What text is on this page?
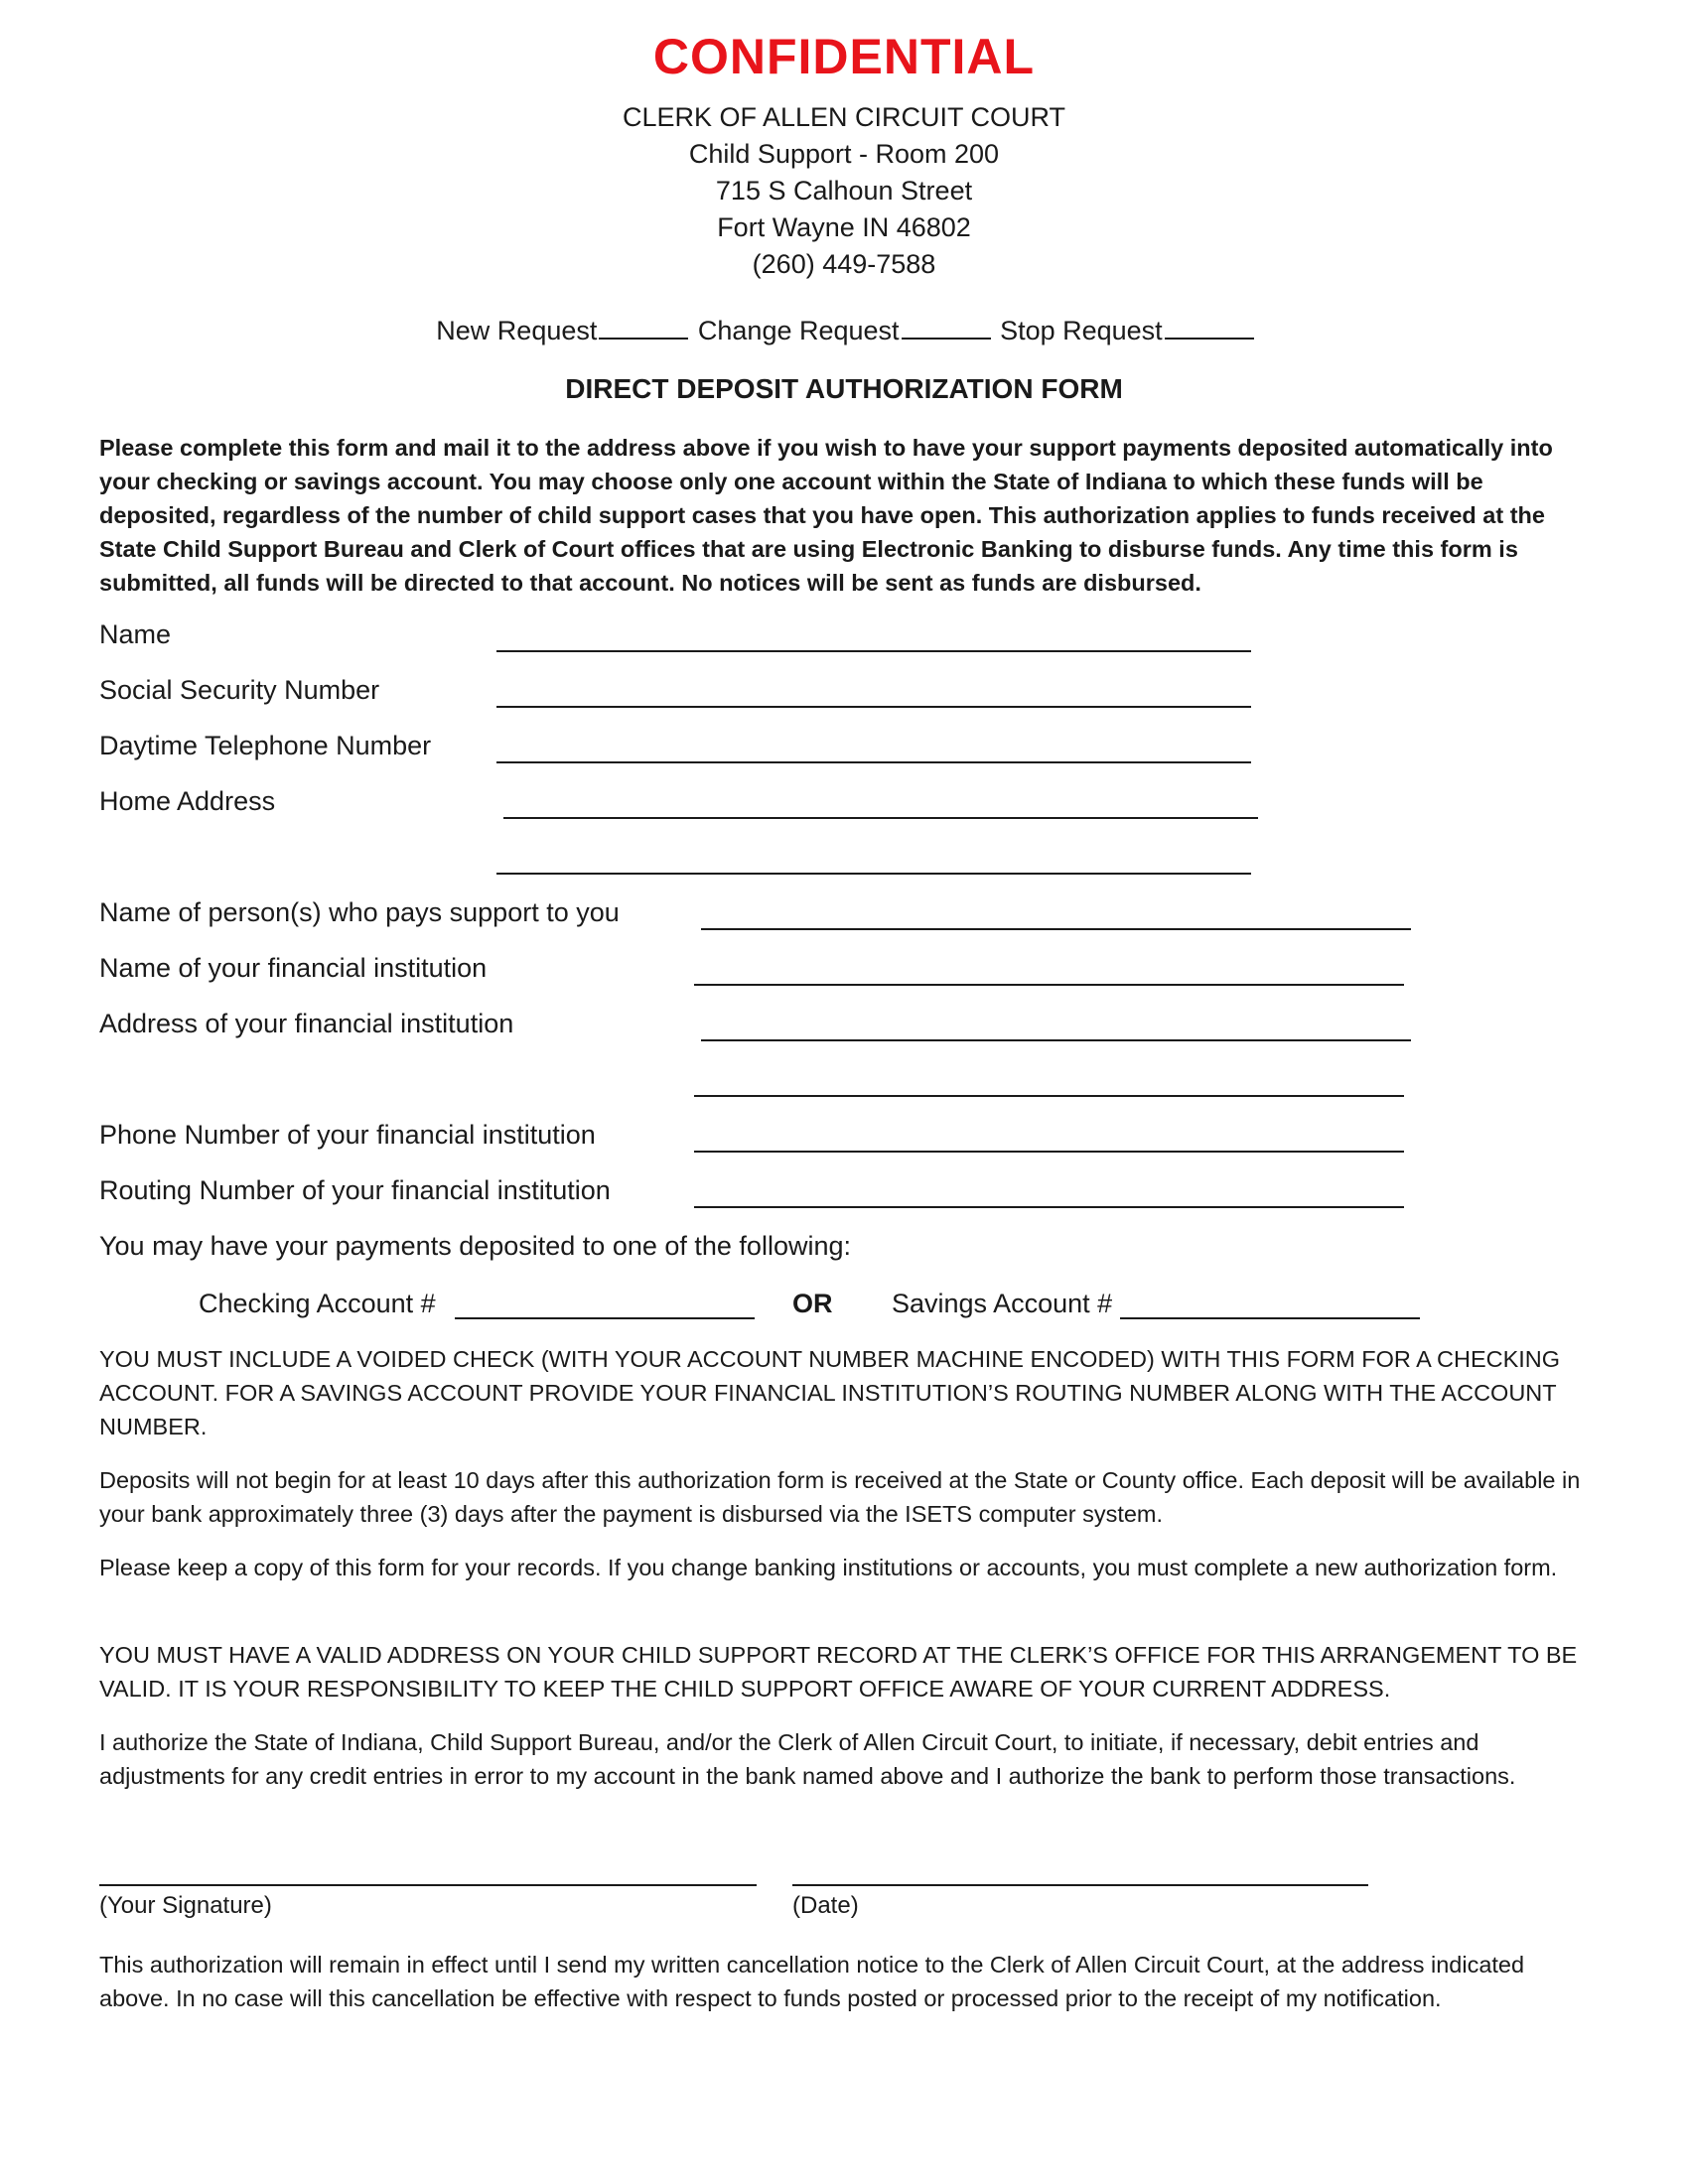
CONFIDENTIAL
CLERK OF ALLEN CIRCUIT COURT
Child Support - Room 200
715 S Calhoun Street
Fort Wayne IN 46802
(260) 449-7588
New Request	Change Request	Stop Request
DIRECT DEPOSIT AUTHORIZATION FORM
Please complete this form and mail it to the address above if you wish to have your support payments deposited automatically into your checking or savings account. You may choose only one account within the State of Indiana to which these funds will be deposited, regardless of the number of child support cases that you have open. This authorization applies to funds received at the State Child Support Bureau and Clerk of Court offices that are using Electronic Banking to disburse funds. Any time this form is submitted, all funds will be directed to that account. No notices will be sent as funds are disbursed.
Name
Social Security Number
Daytime Telephone Number
Home Address
Name of person(s) who pays support to you
Name of your financial institution
Address of your financial institution
Phone Number of your financial institution
Routing Number of your financial institution
You may have your payments deposited to one of the following:
Checking Account #	OR Savings Account #
YOU MUST INCLUDE A VOIDED CHECK (WITH YOUR ACCOUNT NUMBER MACHINE ENCODED) WITH THIS FORM FOR A CHECKING ACCOUNT. FOR A SAVINGS ACCOUNT PROVIDE YOUR FINANCIAL INSTITUTION’S ROUTING NUMBER ALONG WITH THE ACCOUNT NUMBER.
Deposits will not begin for at least 10 days after this authorization form is received at the State or County office. Each deposit will be available in your bank approximately three (3) days after the payment is disbursed via the ISETS computer system.
Please keep a copy of this form for your records. If you change banking institutions or accounts, you must complete a new authorization form.
YOU MUST HAVE A VALID ADDRESS ON YOUR CHILD SUPPORT RECORD AT THE CLERK’S OFFICE FOR THIS ARRANGEMENT TO BE VALID. IT IS YOUR RESPONSIBILITY TO KEEP THE CHILD SUPPORT OFFICE AWARE OF YOUR CURRENT ADDRESS.
I authorize the State of Indiana, Child Support Bureau, and/or the Clerk of Allen Circuit Court, to initiate, if necessary, debit entries and adjustments for any credit entries in error to my account in the bank named above and I authorize the bank to perform those transactions.
(Your Signature)	(Date)
This authorization will remain in effect until I send my written cancellation notice to the Clerk of Allen Circuit Court, at the address indicated above. In no case will this cancellation be effective with respect to funds posted or processed prior to the receipt of my notification.
